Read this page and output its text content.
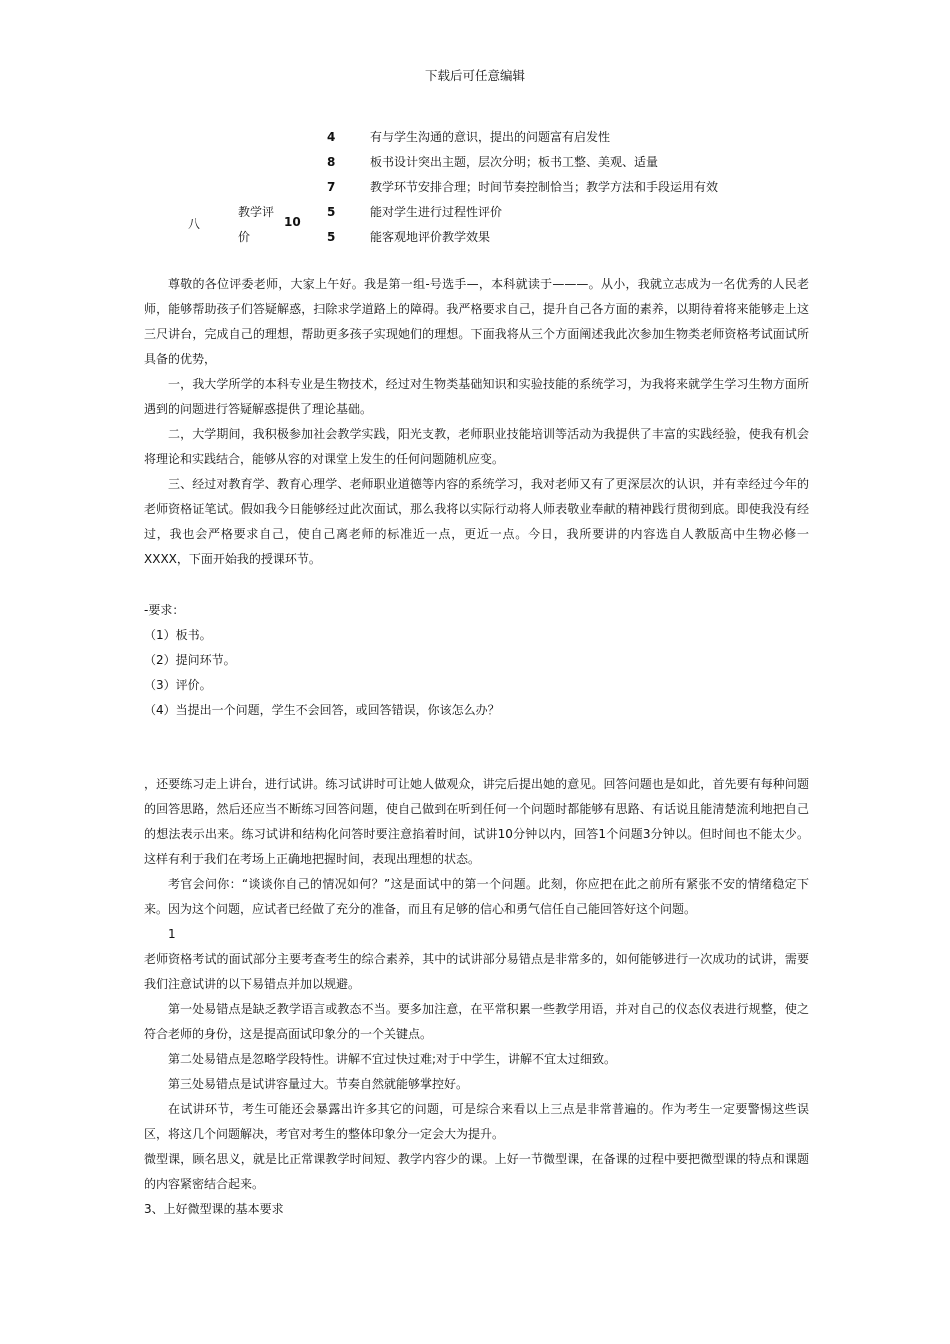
下载后可任意编辑
4	有与学生沟通的意识，提出的问题富有启发性
8	板书设计突出主题，层次分明；板书工整、美观、适量
7	教学环节安排合理；时间节奏控制恰当；教学方法和手段运用有效
5	能对学生进行过程性评价
5	能客观地评价教学效果
八
教学评
价
10

尊敬的各位评委老师，大家上午好。我是第一组-号选手—，本科就读于———。从小，我就立志成为一名优秀的人民老师，能够帮助孩子们答疑解惑，扫除求学道路上的障碍。我严格要求自己，提升自己各方面的素养，以期待着将来能够走上这三尺讲台，完成自己的理想，帮助更多孩子实现她们的理想。下面我将从三个方面阐述我此次参加生物类老师资格考试面试所具备的优势，

一，我大学所学的本科专业是生物技术，经过对生物类基础知识和实验技能的系统学习，为我将来就学生学习生物方面所遇到的问题进行答疑解惑提供了理论基础。

二，大学期间，我积极参加社会教学实践，阳光支教，老师职业技能培训等活动为我提供了丰富的实践经验，使我有机会将理论和实践结合，能够从容的对课堂上发生的任何问题随机应变。

三、经过对教育学、教育心理学、老师职业道德等内容的系统学习，我对老师又有了更深层次的认识，并有幸经过今年的老师资格证笔试。假如我今日能够经过此次面试，那么我将以实际行动将人师表敬业奉献的精神践行贯彻到底。即使我没有经过，我也会严格要求自己，使自己离老师的标准近一点，更近一点。今日，我所要讲的内容选自人教版高中生物必修一XXXX，下面开始我的授课环节。

-要求：
（1）板书。
（2）提问环节。
（3）评价。
（4）当提出一个问题，学生不会回答，或回答错误，你该怎么办？

，还要练习走上讲台，进行试讲。练习试讲时可让她人做观众，讲完后提出她的意见。回答问题也是如此，首先要有每种问题的回答思路，然后还应当不断练习回答问题，使自己做到在听到任何一个问题时都能够有思路、有话说且能清楚流利地把自己的想法表示出来。练习试讲和结构化问答时要注意掐着时间，试讲10分钟以内，回答1个问题3分钟以。但时间也不能太少。这样有利于我们在考场上正确地把握时间，表现出理想的状态。

考官会问你：“谈谈你自己的情况如何？”这是面试中的第一个问题。此刻，你应把在此之前所有紧张不安的情绪稳定下来。因为这个问题，应试者已经做了充分的准备，而且有足够的信心和勇气信任自己能回答好这个问题。

1

老师资格考试的面试部分主要考查考生的综合素养，其中的试讲部分易错点是非常多的，如何能够进行一次成功的试讲，需要我们注意试讲的以下易错点并加以规避。

第一处易错点是缺乏教学语言或教态不当。要多加注意，在平常积累一些教学用语，并对自己的仪态仪表进行规整，使之符合老师的身份，这是提高面试印象分的一个关键点。

第二处易错点是忽略学段特性。讲解不宜过快过难;对于中学生，讲解不宜太过细致。

第三处易错点是试讲容量过大。节奏自然就能够掌控好。

在试讲环节，考生可能还会暴露出许多其它的问题，可是综合来看以上三点是非常普遍的。作为考生一定要警惕这些误区，将这几个问题解决，考官对考生的整体印象分一定会大为提升。

微型课，顾名思义，就是比正常课教学时间短、教学内容少的课。上好一节微型课，在备课的过程中要把微型课的特点和课题的内容紧密结合起来。

3、上好微型课的基本要求
